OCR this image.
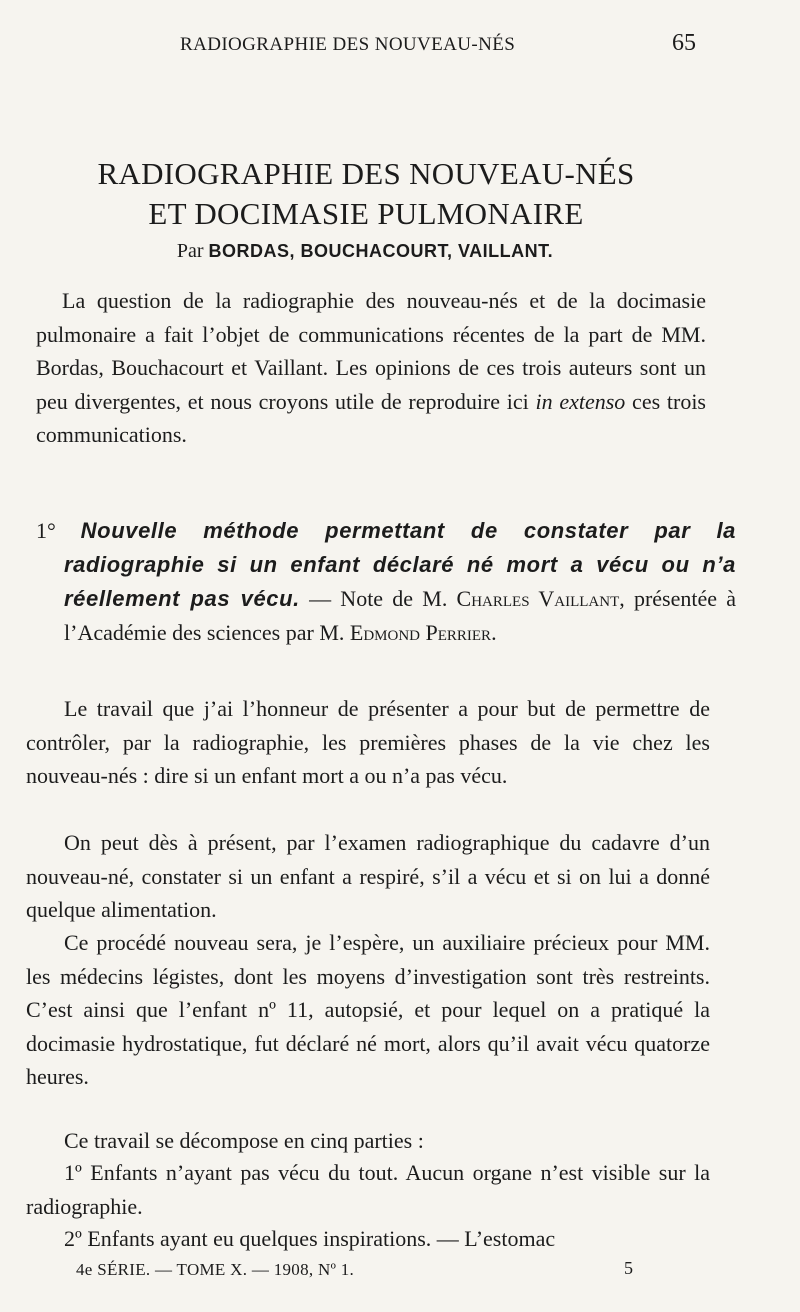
RADIOGRAPHIE DES NOUVEAU-NÉS	65
RADIOGRAPHIE DES NOUVEAU-NÉS
ET DOCIMASIE PULMONAIRE
Par BORDAS, BOUCHACOURT, VAILLANT.

La question de la radiographie des nouveau-nés et de la docimasie pulmonaire a fait l’objet de communications récentes de la part de MM. Bordas, Bouchacourt et Vaillant. Les opinions de ces trois auteurs sont un peu divergentes, et nous croyons utile de reproduire ici in extenso ces trois communications.

1° Nouvelle méthode permettant de constater par la radiographie si un enfant déclaré né mort a vécu ou n’a réellement pas vécu. — Note de M. Charles Vaillant, présentée à l’Académie des sciences par M. Edmond Perrier.

Le travail que j’ai l’honneur de présenter a pour but de permettre de contrôler, par la radiographie, les premières phases de la vie chez les nouveau-nés : dire si un enfant mort a ou n’a pas vécu.

On peut dès à présent, par l’examen radiographique du cadavre d’un nouveau-né, constater si un enfant a respiré, s’il a vécu et si on lui a donné quelque alimentation.

Ce procédé nouveau sera, je l’espère, un auxiliaire précieux pour MM. les médecins légistes, dont les moyens d’investigation sont très restreints. C’est ainsi que l’enfant nº 11, autopsié, et pour lequel on a pratiqué la docimasie hydrostatique, fut déclaré né mort, alors qu’il avait vécu quatorze heures.

Ce travail se décompose en cinq parties :

1º Enfants n’ayant pas vécu du tout. Aucun organe n’est visible sur la radiographie.

2º Enfants ayant eu quelques inspirations. — L’estomac

4e SÉRIE. — TOME X. — 1908, Nº 1.	5
